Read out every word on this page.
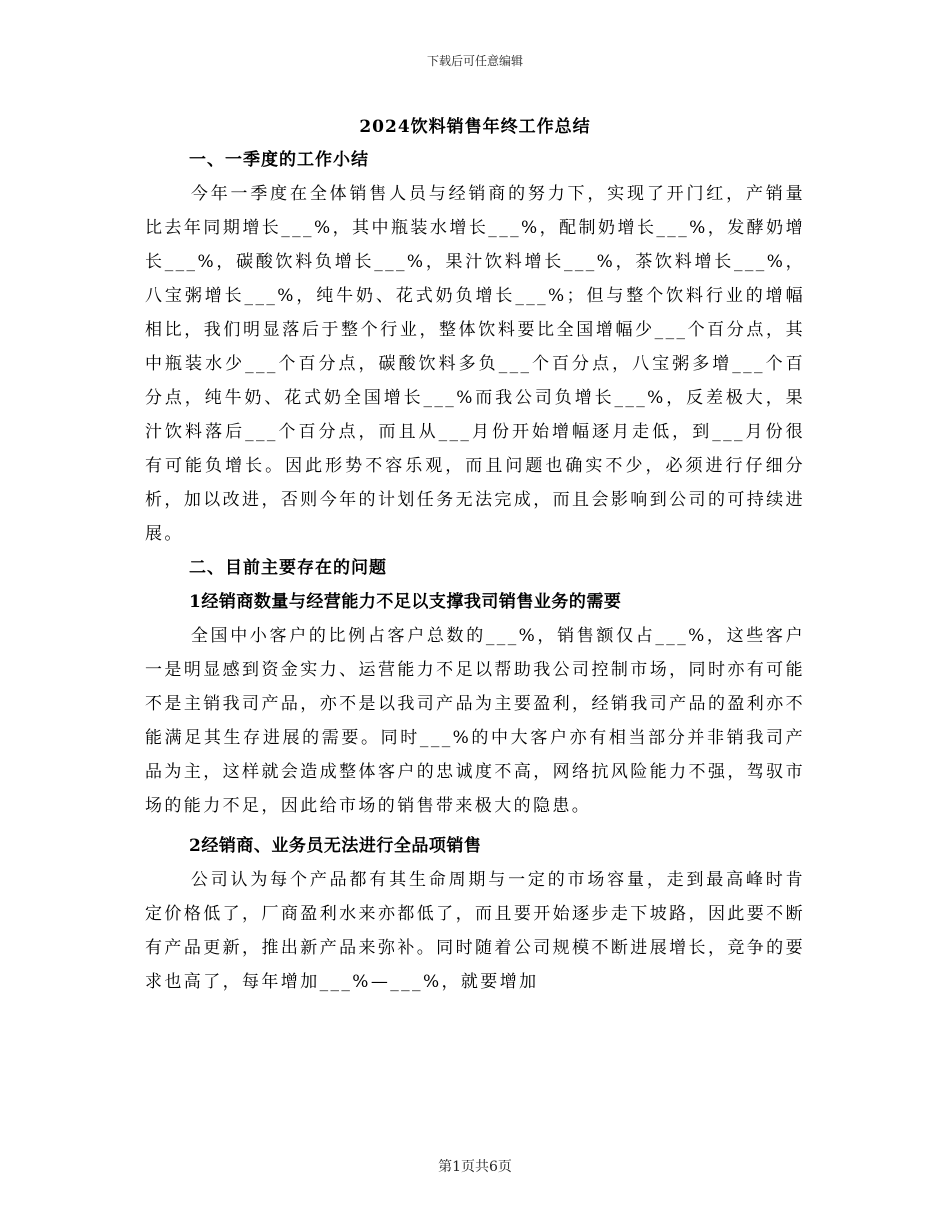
下载后可任意编辑
2024饮料销售年终工作总结
一、一季度的工作小结

今年一季度在全体销售人员与经销商的努力下，实现了开门红，产销量比去年同期增长___%，其中瓶装水增长___%，配制奶增长___%，发酵奶增长___%，碳酸饮料负增长___%，果汁饮料增长___%，茶饮料增长___%，八宝粥增长___%，纯牛奶、花式奶负增长___%；但与整个饮料行业的增幅相比，我们明显落后于整个行业，整体饮料要比全国增幅少___个百分点，其中瓶装水少___个百分点，碳酸饮料多负___个百分点，八宝粥多增___个百分点，纯牛奶、花式奶全国增长___%而我公司负增长___%，反差极大，果汁饮料落后___个百分点，而且从___月份开始增幅逐月走低，到___月份很有可能负增长。因此形势不容乐观，而且问题也确实不少，必须进行仔细分析，加以改进，否则今年的计划任务无法完成，而且会影响到公司的可持续进展。

二、目前主要存在的问题
1经销商数量与经营能力不足以支撑我司销售业务的需要

全国中小客户的比例占客户总数的___%，销售额仅占___%，这些客户一是明显感到资金实力、运营能力不足以帮助我公司控制市场，同时亦有可能不是主销我司产品，亦不是以我司产品为主要盈利，经销我司产品的盈利亦不能满足其生存进展的需要。同时___%的中大客户亦有相当部分并非销我司产品为主，这样就会造成整体客户的忠诚度不高，网络抗风险能力不强，驾驭市场的能力不足，因此给市场的销售带来极大的隐患。

2经销商、业务员无法进行全品项销售

公司认为每个产品都有其生命周期与一定的市场容量，走到最高峰时肯定价格低了，厂商盈利水来亦都低了，而且要开始逐步走下坡路，因此要不断有产品更新，推出新产品来弥补。同时随着公司规模不断进展增长，竞争的要求也高了，每年增加___%—___%，就要增加

第1页共6页
